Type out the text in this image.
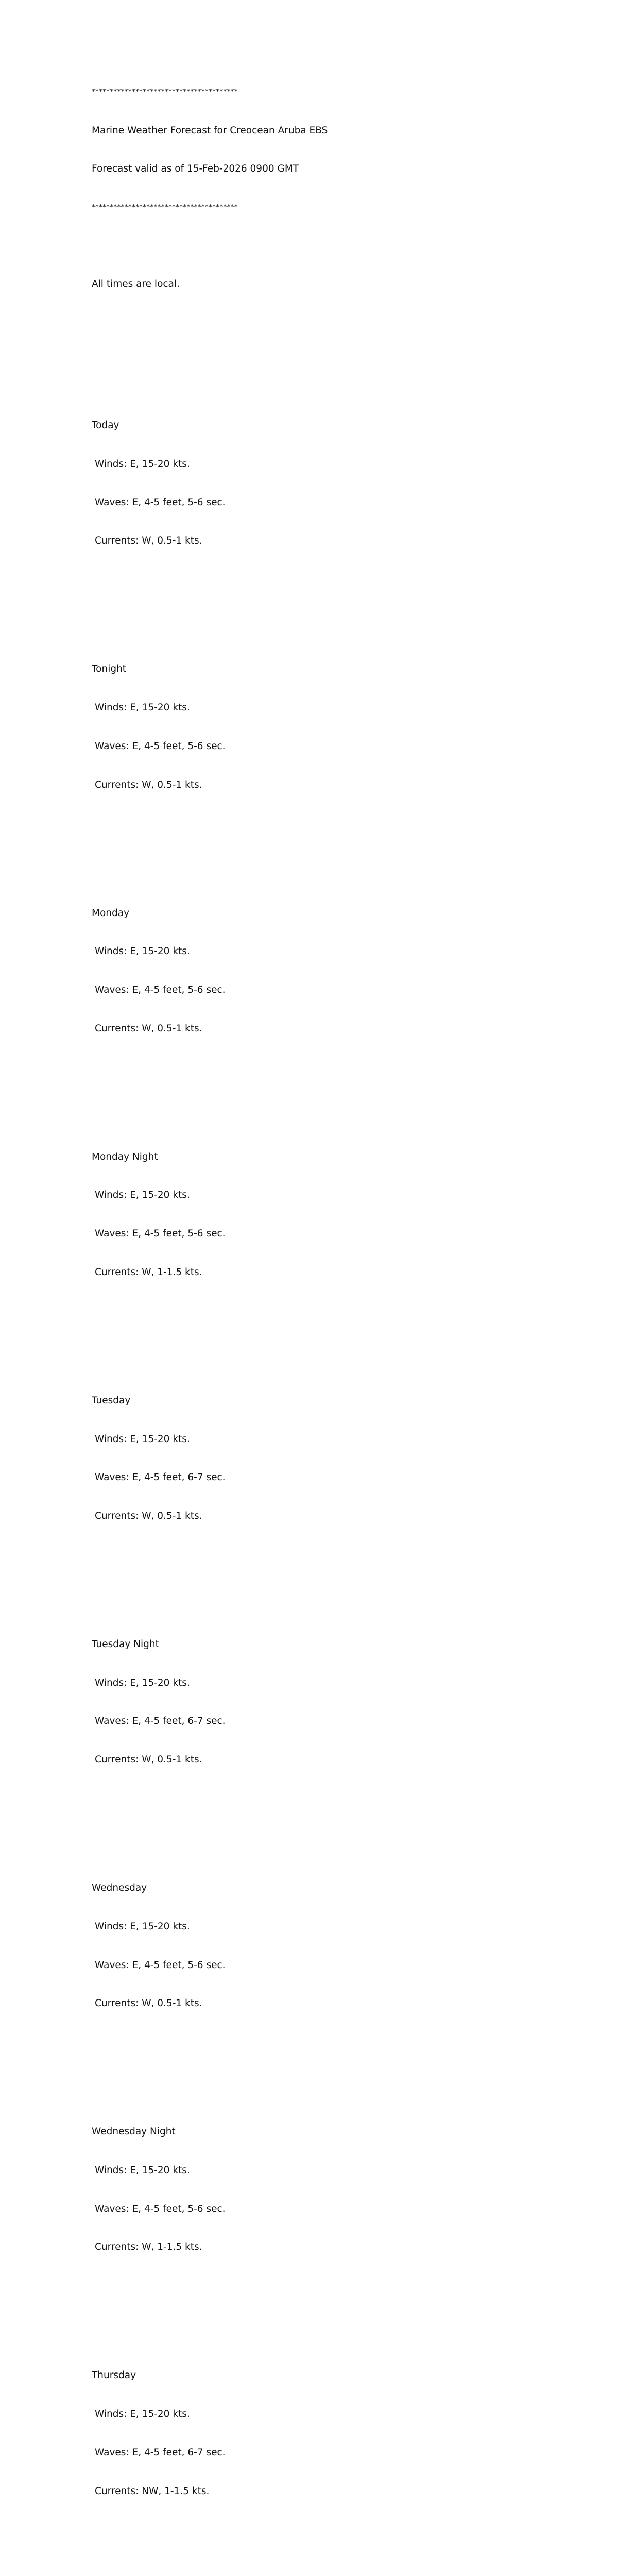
****************************************

Marine Weather Forecast for Creocean Aruba EBS

Forecast valid as of 15-Feb-2026 0900 GMT

****************************************

All times are local.

Today

Winds: E, 15-20 kts.

Waves: E, 4-5 feet, 5-6 sec.

Currents: W, 0.5-1 kts.

Tonight

Winds: E, 15-20 kts.

Waves: E, 4-5 feet, 5-6 sec.

Currents: W, 0.5-1 kts.

Monday

Winds: E, 15-20 kts.

Waves: E, 4-5 feet, 5-6 sec.

Currents: W, 0.5-1 kts.

Monday Night

Winds: E, 15-20 kts.

Waves: E, 4-5 feet, 5-6 sec.

Currents: W, 1-1.5 kts.

Tuesday

Winds: E, 15-20 kts.

Waves: E, 4-5 feet, 6-7 sec.

Currents: W, 0.5-1 kts.

Tuesday Night

Winds: E, 15-20 kts.

Waves: E, 4-5 feet, 6-7 sec.

Currents: W, 0.5-1 kts.

Wednesday

Winds: E, 15-20 kts.

Waves: E, 4-5 feet, 5-6 sec.

Currents: W, 0.5-1 kts.

Wednesday Night

Winds: E, 15-20 kts.

Waves: E, 4-5 feet, 5-6 sec.

Currents: W, 1-1.5 kts.

Thursday

Winds: E, 15-20 kts.

Waves: E, 4-5 feet, 6-7 sec.

Currents: NW, 1-1.5 kts.
